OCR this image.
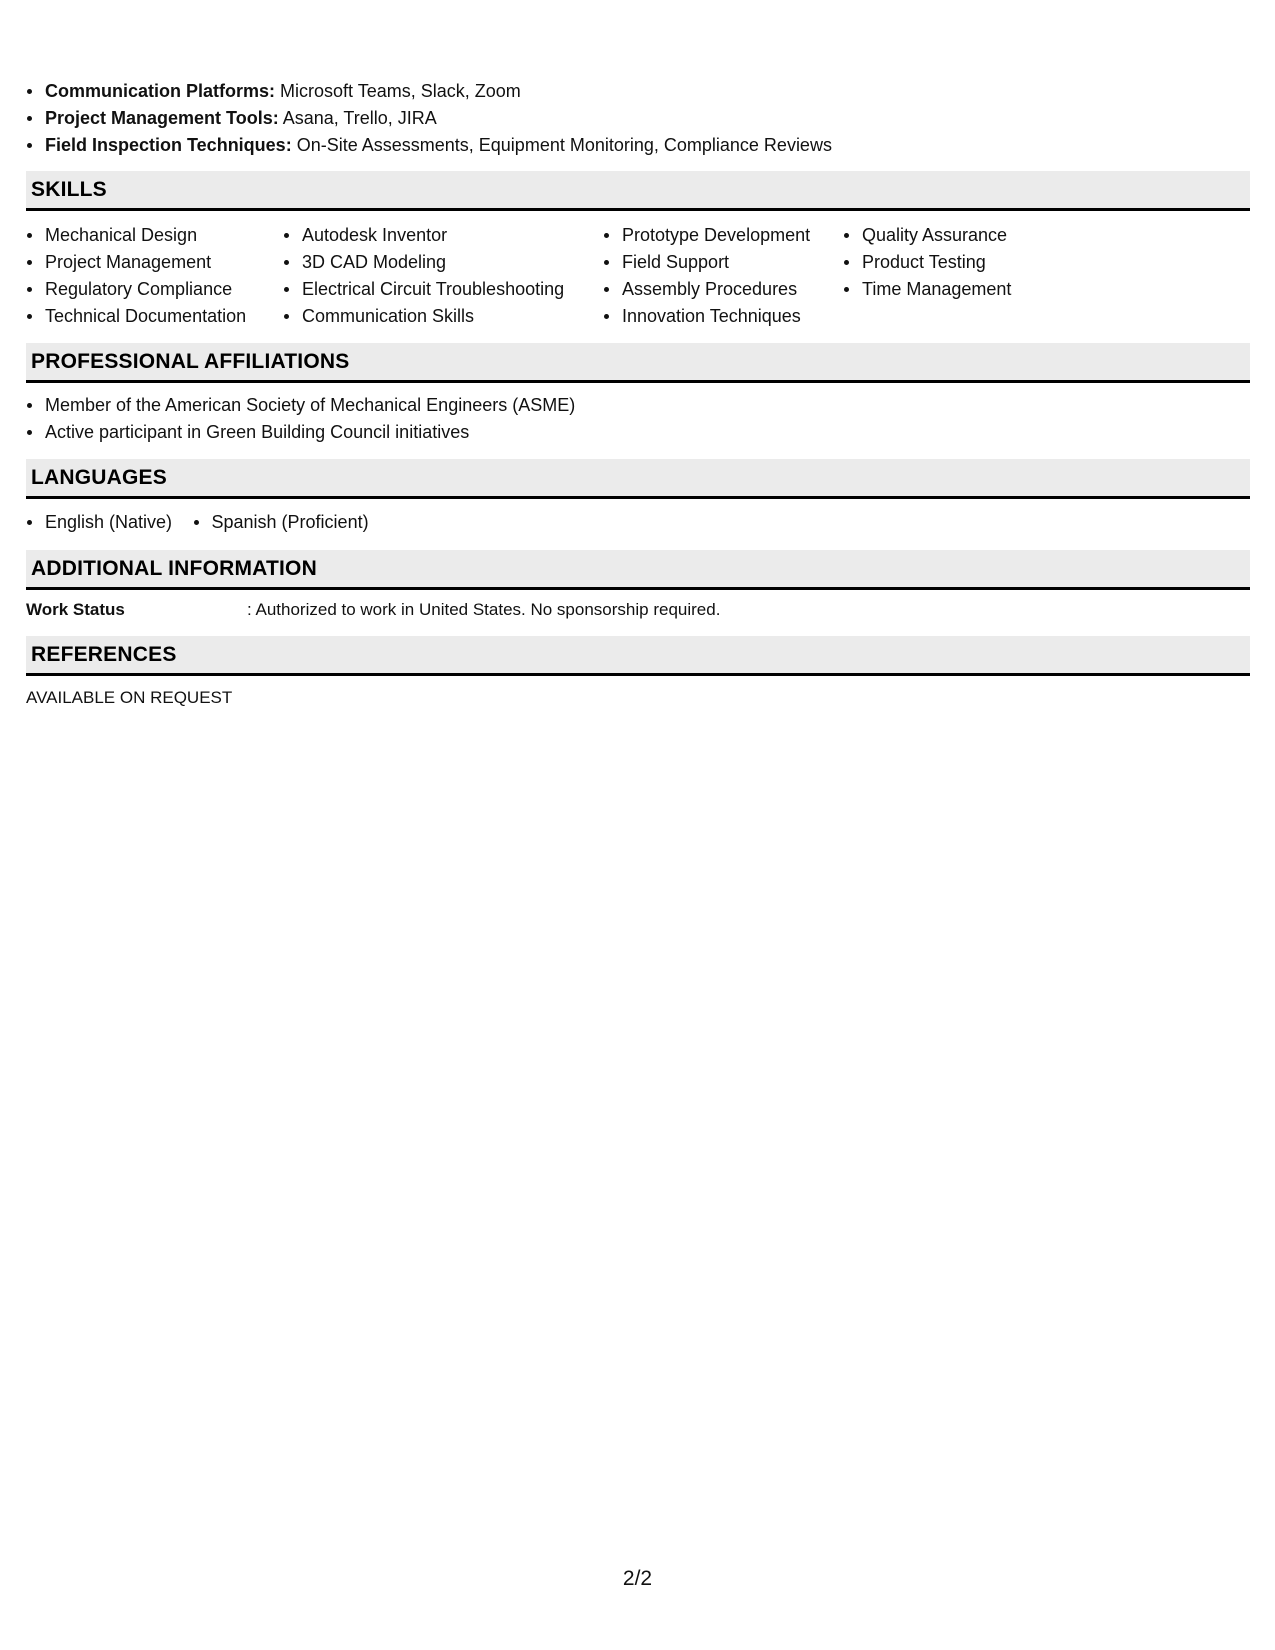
Communication Platforms: Microsoft Teams, Slack, Zoom
Project Management Tools: Asana, Trello, JIRA
Field Inspection Techniques: On-Site Assessments, Equipment Monitoring, Compliance Reviews
SKILLS
Mechanical Design
Project Management
Regulatory Compliance
Technical Documentation
Autodesk Inventor
3D CAD Modeling
Electrical Circuit Troubleshooting
Communication Skills
Prototype Development
Field Support
Assembly Procedures
Innovation Techniques
Quality Assurance
Product Testing
Time Management
PROFESSIONAL AFFILIATIONS
Member of the American Society of Mechanical Engineers (ASME)
Active participant in Green Building Council initiatives
LANGUAGES
English (Native) Spanish (Proficient)
ADDITIONAL INFORMATION
Work Status	: Authorized to work in United States. No sponsorship required.
REFERENCES
AVAILABLE ON REQUEST
2/2
